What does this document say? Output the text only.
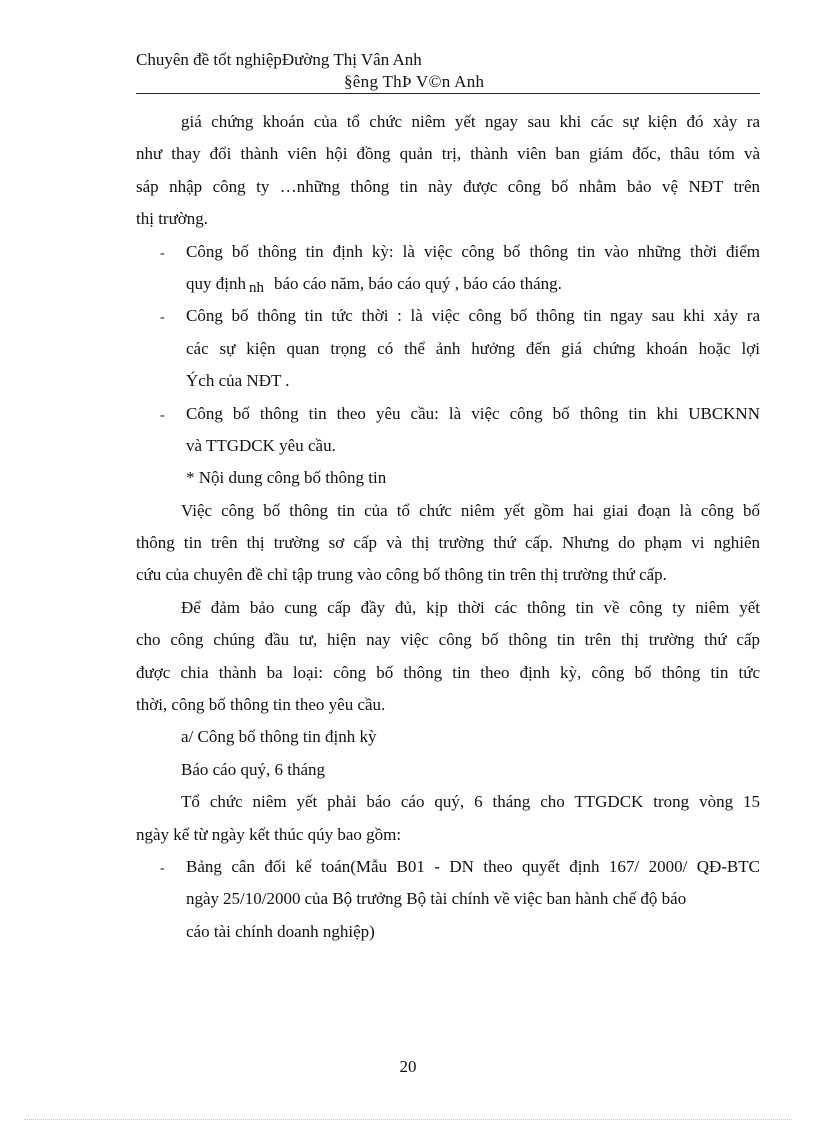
Chuyên đề tốt nghiệpĐường Thị Vân Anh
§êng ThÞ V©n Anh
giá chứng khoán của tổ chức niêm yết ngay sau khi các sự kiện đó xảy ra
như thay đổi thành viên hội đồng quản trị, thành viên ban giám đốc, thâu tóm và
sáp nhập công ty …những thông tin này được công bố nhằm bảo vệ NĐT trên
thị trường.
- Công bố thông tin định kỳ: là việc công bố thông tin vào những thời điểm
quy định nh báo cáo năm, báo cáo quý , báo cáo tháng.
- Công bố thông tin tức thời : là việc công bố thông tin ngay sau khi xảy ra
các sự kiện quan trọng có thể ảnh hưởng đến giá chứng khoán hoặc lợi
Ých của NĐT .
- Công bố thông tin theo yêu cầu: là việc công bố thông tin khi UBCKNN
và TTGDCK yêu cầu.
* Nội dung công bố thông tin
Việc công bố thông tin của tổ chức niêm yết gồm hai giai đoạn là công bố
thông tin trên thị trường sơ cấp và thị trường thứ cấp. Nhưng do phạm vi nghiên
cứu của chuyên đề chỉ tập trung vào công bố thông tin trên thị trường thứ cấp.
Để đảm bảo cung cấp đầy đủ, kịp thời các thông tin về công ty niêm yết
cho công chúng đầu tư, hiện nay việc công bố thông tin trên thị trường thứ cấp
được chia thành ba loại: công bố thông tin theo định kỳ, công bố thông tin tức
thời, công bố thông tin theo yêu cầu.
a/ Công bố thông tin định kỳ
Báo cáo quý, 6 tháng
Tổ chức niêm yết phải báo cáo quý, 6 tháng cho TTGDCK trong vòng 15
ngày kể từ ngày kết thúc qúy bao gồm:
- Bảng cân đối kế toán(Mẫu B01 - DN theo quyết định 167/ 2000/ QĐ-BTC
ngày 25/10/2000 của Bộ trưởng Bộ tài chính về việc ban hành chế độ báo
cáo tài chính doanh nghiệp)
20
